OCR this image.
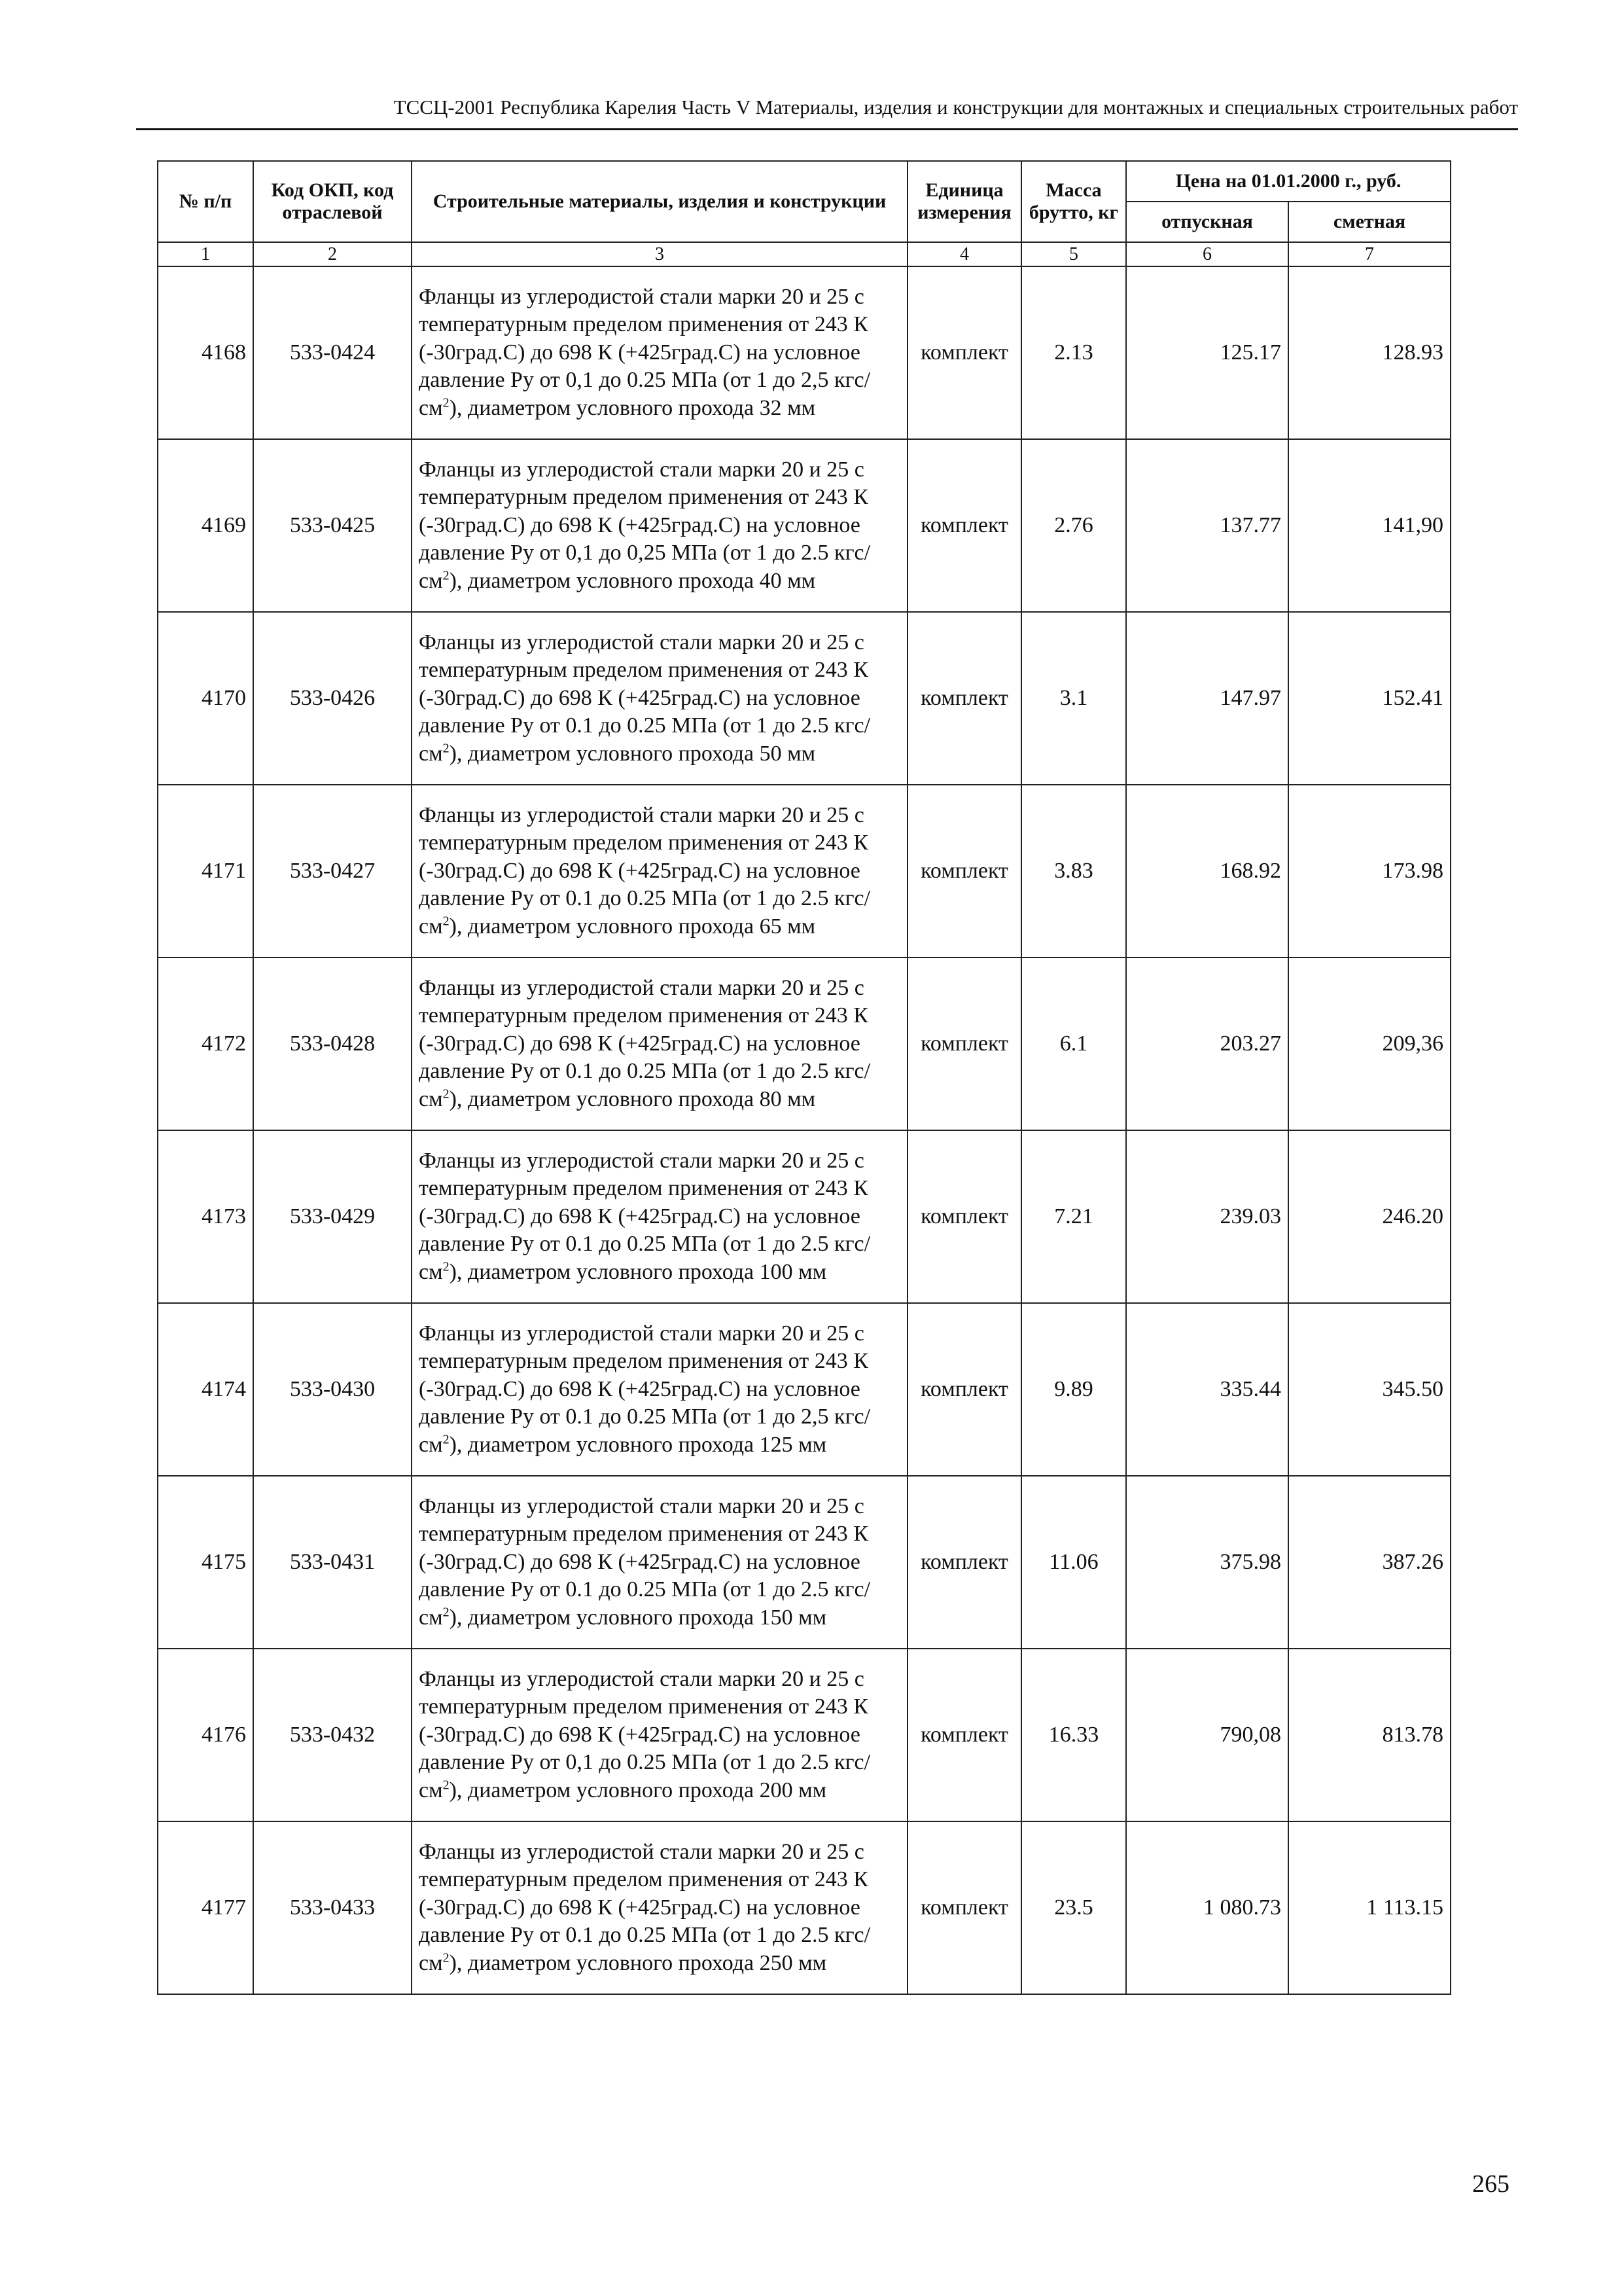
ТССЦ-2001 Республика Карелия Часть V Материалы, изделия и конструкции для монтажных и специальных строительных работ
№ п/п	Код ОКП, код отраслевой	Строительные материалы, изделия и конструкции	Единица измерения	Масса брутто, кг	Цена на 01.01.2000 г., руб.	
					отпускная	сметная
1	2	3	4	5	6	7
4168	533-0424	Фланцы из углеродистой стали марки 20 и 25 с температурным пределом применения от 243 К (-30град.С) до 698 К (+425град.С) на условное давление Ру от 0,1 до 0.25 МПа (от 1 до 2,5 кгс/$см^2$), диаметром условного прохода 32 мм	комплект	2.13	125.17	128.93
4169	533-0425	Фланцы из углеродистой стали марки 20 и 25 с температурным пределом применения от 243 К (-30град.С) до 698 К (+425град.С) на условное давление Ру от 0,1 до 0,25 МПа (от 1 до 2.5 кгс/$см^2$), диаметром условного прохода 40 мм	комплект	2.76	137.77	141,90
4170	533-0426	Фланцы из углеродистой стали марки 20 и 25 с температурным пределом применения от 243 К (-30град.С) до 698 К (+425град.С) на условное давление Ру от 0.1 до 0.25 МПа (от 1 до 2.5 кгс/$см^2$), диаметром условного прохода 50 мм	комплект	3.1	147.97	152.41
4171	533-0427	Фланцы из углеродистой стали марки 20 и 25 с температурным пределом применения от 243 К (-30град.С) до 698 К (+425град.С) на условное давление Ру от 0.1 до 0.25 МПа (от 1 до 2.5 кгс/$см^2$), диаметром условного прохода 65 мм	комплект	3.83	168.92	173.98
4172	533-0428	Фланцы из углеродистой стали марки 20 и 25 с температурным пределом применения от 243 К (-30град.С) до 698 К (+425град.С) на условное давление Ру от 0.1 до 0.25 МПа (от 1 до 2.5 кгс/$см^2$), диаметром условного прохода 80 мм	комплект	6.1	203.27	209,36
4173	533-0429	Фланцы из углеродистой стали марки 20 и 25 с температурным пределом применения от 243 К (-30град.С) до 698 К (+425град.С) на условное давление Ру от 0.1 до 0.25 МПа (от 1 до 2.5 кгс/$см^2$), диаметром условного прохода 100 мм	комплект	7.21	239.03	246.20
4174	533-0430	Фланцы из углеродистой стали марки 20 и 25 с температурным пределом применения от 243 К (-30град.С) до 698 К (+425град.С) на условное давление Ру от 0.1 до 0.25 МПа (от 1 до 2,5 кгс/$см^2$), диаметром условного прохода 125 мм	комплект	9.89	335.44	345.50
4175	533-0431	Фланцы из углеродистой стали марки 20 и 25 с температурным пределом применения от 243 К (-30град.С) до 698 К (+425град.С) на условное давление Ру от 0.1 до 0.25 МПа (от 1 до 2.5 кгс/$см^2$), диаметром условного прохода 150 мм	комплект	11.06	375.98	387.26
4176	533-0432	Фланцы из углеродистой стали марки 20 и 25 с температурным пределом применения от 243 К (-30град.С) до 698 К (+425град.С) на условное давление Ру от 0,1 до 0.25 МПа (от 1 до 2.5 кгс/$см^2$), диаметром условного прохода 200 мм	комплект	16.33	790,08	813.78
4177	533-0433	Фланцы из углеродистой стали марки 20 и 25 с температурным пределом применения от 243 К (-30град.С) до 698 К (+425град.С) на условное давление Ру от 0.1 до 0.25 МПа (от 1 до 2.5 кгс/$см^2$), диаметром условного прохода 250 мм	комплект	23.5	1 080.73	1 113.15
265
